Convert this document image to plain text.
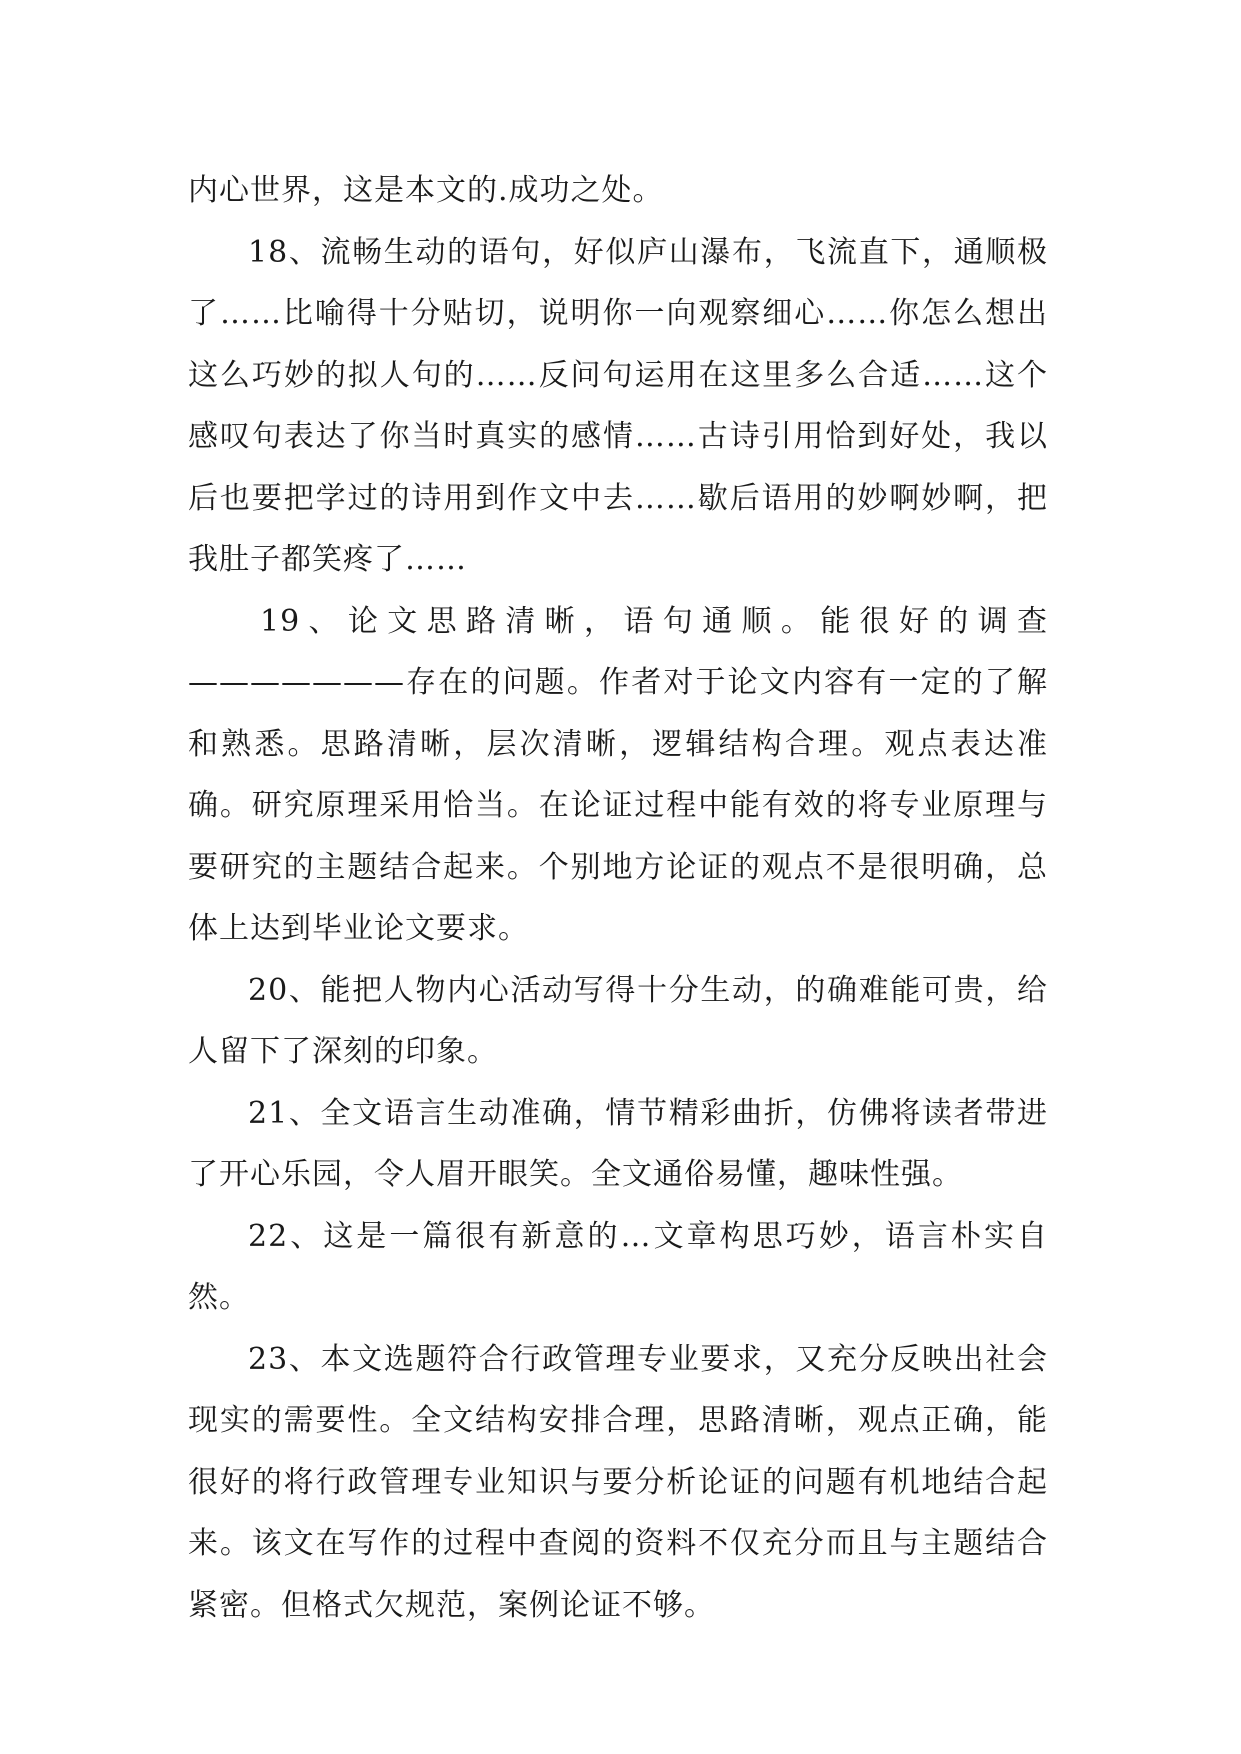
内心世界，这是本文的.成功之处。

18、流畅生动的语句，好似庐山瀑布，飞流直下，通顺极了……比喻得十分贴切，说明你一向观察细心……你怎么想出这么巧妙的拟人句的……反问句运用在这里多么合适……这个感叹句表达了你当时真实的感情……古诗引用恰到好处，我以后也要把学过的诗用到作文中去……歇后语用的妙啊妙啊，把我肚子都笑疼了……

19、论文思路清晰，语句通顺。能很好的调查———————存在的问题。作者对于论文内容有一定的了解和熟悉。思路清晰，层次清晰，逻辑结构合理。观点表达准确。研究原理采用恰当。在论证过程中能有效的将专业原理与要研究的主题结合起来。个别地方论证的观点不是很明确，总体上达到毕业论文要求。

20、能把人物内心活动写得十分生动，的确难能可贵，给人留下了深刻的印象。

21、全文语言生动准确，情节精彩曲折，仿佛将读者带进了开心乐园，令人眉开眼笑。全文通俗易懂，趣味性强。

22、这是一篇很有新意的…文章构思巧妙，语言朴实自然。

23、本文选题符合行政管理专业要求，又充分反映出社会现实的需要性。全文结构安排合理，思路清晰，观点正确，能很好的将行政管理专业知识与要分析论证的问题有机地结合起来。该文在写作的过程中查阅的资料不仅充分而且与主题结合紧密。但格式欠规范，案例论证不够。
